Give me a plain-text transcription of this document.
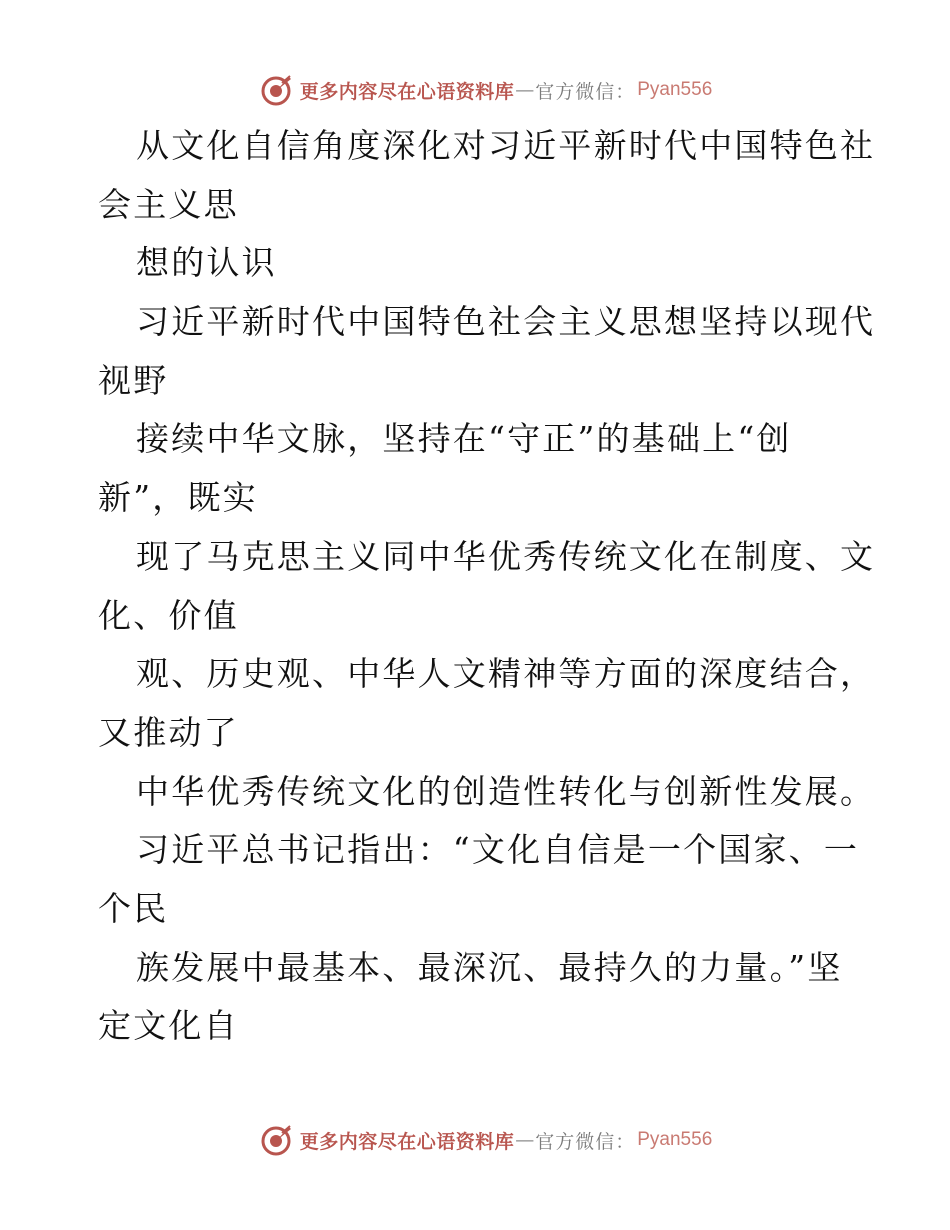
更多内容尽在心语资料库 — 官方微信： Pyan556
从文化自信角度深化对习近平新时代中国特色社
会主义思
想的认识
习近平新时代中国特色社会主义思想坚持以现代
视野
接续中华文脉，坚持在“守正”的基础上“创
新”，既实
现了马克思主义同中华优秀传统文化在制度、文
化、价值
观、历史观、中华人文精神等方面的深度结合，
又推动了
中华优秀传统文化的创造性转化与创新性发展。
习近平总书记指出：“文化自信是一个国家、一
个民
族发展中最基本、最深沉、最持久的力量。”坚
定文化自
更多内容尽在心语资料库 — 官方微信： Pyan556
